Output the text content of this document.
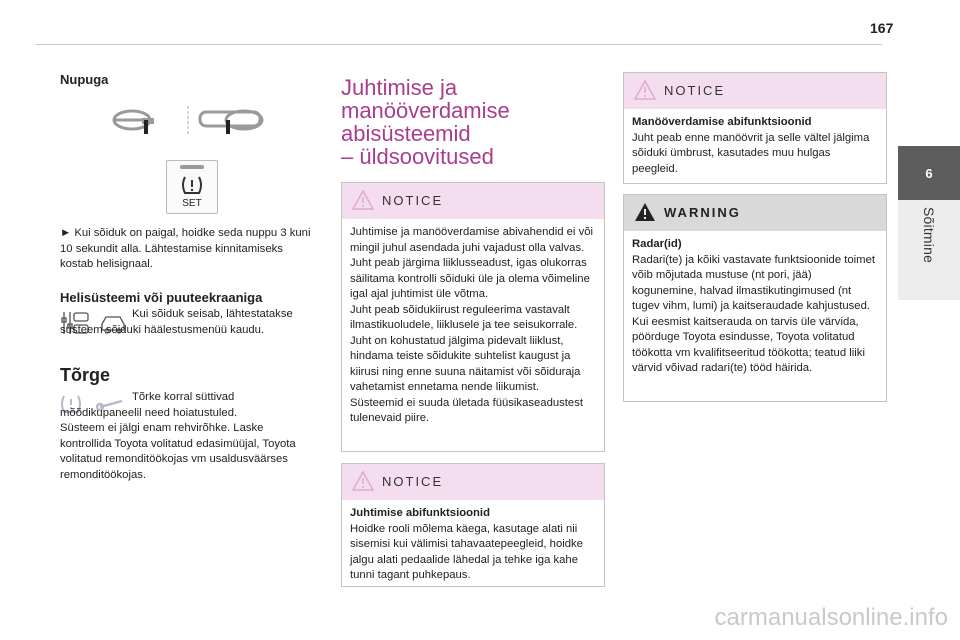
167
6
Sõitmine

Nupuga

SET

► Kui sõiduk on paigal, hoidke seda nuppu 3 kuni 10 sekundit alla. Lähtestamise kinnitamiseks kostab helisignaal.

Helisüsteemi või puuteekraaniga

Kui sõiduk seisab, lähtestatakse süsteem sõiduki häälestusmenüü kaudu.

Tõrge

Tõrke korral süttivad mõõdikupaneelil need hoiatustuled.

Süsteem ei jälgi enam rehvirõhke. Laske kontrollida Toyota volitatud edasimüüjal, Toyota volitatud remonditöökojas vm usaldusväärses remonditöökojas.

Juhtimise ja

manööverdamise

abisüsteemid

– üldsoovitused

NOTICE

Juhtimise ja manööverdamise abivahendid ei või mingil juhul asendada juhi vajadust olla valvas.

Juht peab järgima liiklusseadust, igas olukorras säilitama kontrolli sõiduki üle ja olema võimeline igal ajal juhtimist üle võtma.

Juht peab sõidukiirust reguleerima vastavalt ilmastikuoludele, liiklusele ja tee seisukorrale.

Juht on kohustatud jälgima pidevalt liiklust, hindama teiste sõidukite suhtelist kaugust ja kiirusi ning enne suuna näitamist või sõiduraja vahetamist ennetama nende liikumist.

Süsteemid ei suuda ületada füüsikaseadustest tulenevaid piire.

NOTICE

Juhtimise abifunktsioonid

Hoidke rooli mõlema käega, kasutage alati nii sisemisi kui välimisi tahavaatepeegleid, hoidke jalgu alati pedaalide lähedal ja tehke iga kahe tunni tagant puhkepaus.

NOTICE

Manööverdamise abifunktsioonid

Juht peab enne manöövrit ja selle vältel jälgima sõiduki ümbrust, kasutades muu hulgas peegleid.

WARNING

Radar(id)

Radari(te) ja kõiki vastavate funktsioonide toimet võib mõjutada mustuse (nt pori, jää) kogunemine, halvad ilmastikutingimused (nt tugev vihm, lumi) ja kaitseraudade kahjustused.

Kui eesmist kaitserauda on tarvis üle värvida, pöörduge Toyota esindusse, Toyota volitatud töökotta vm kvalifitseeritud töökotta; teatud liiki värvid võivad radari(te) tööd häirida.

carmanualsonline.info
